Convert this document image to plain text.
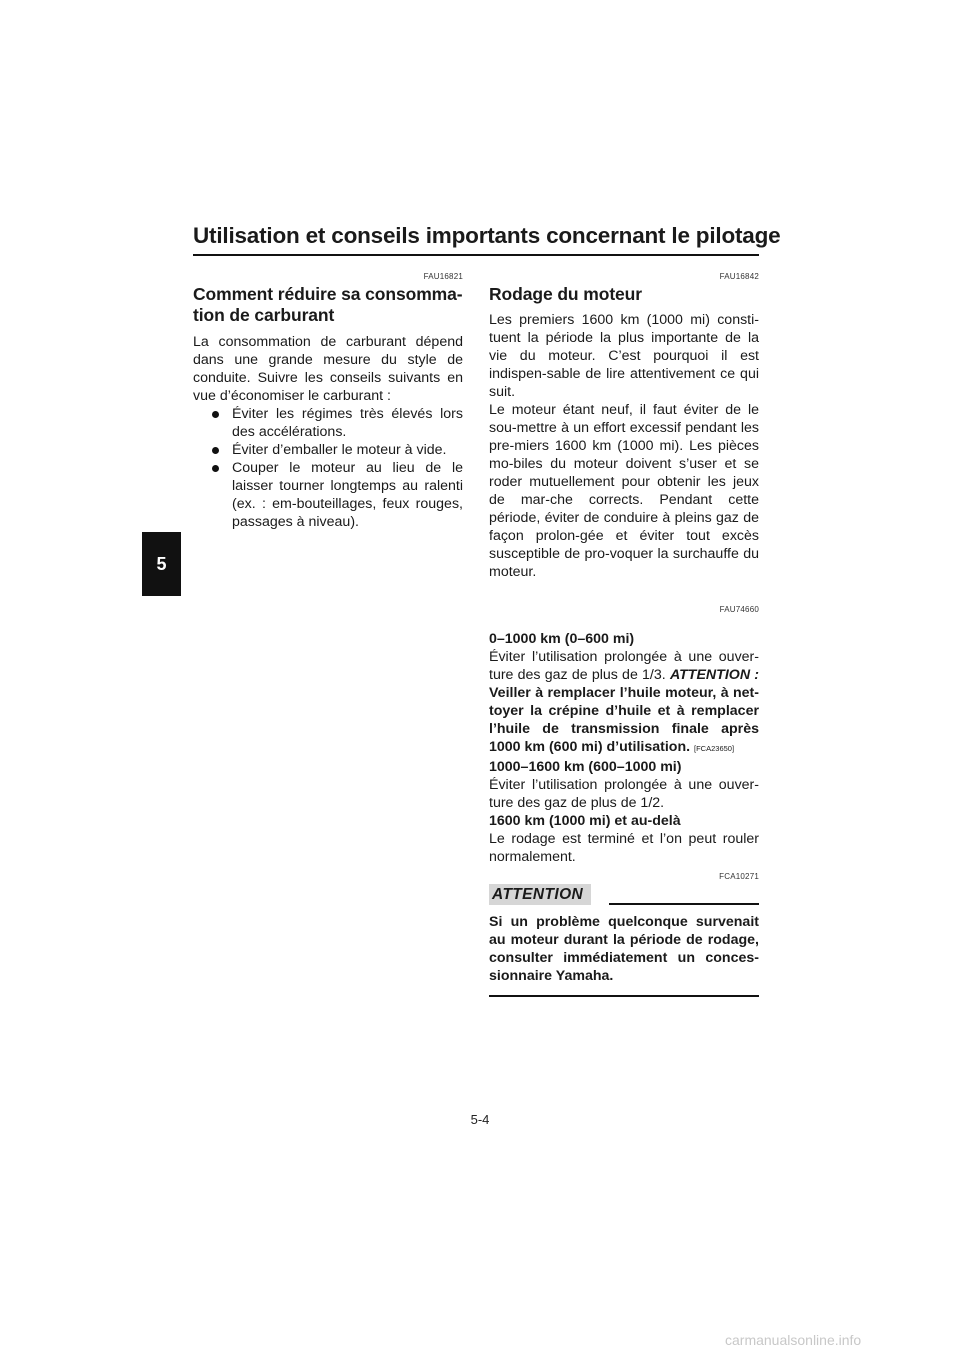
Utilisation et conseils importants concernant le pilotage
5
FAU16821
Comment réduire sa consomma-tion de carburant

La consommation de carburant dépend dans une grande mesure du style de conduite. Suivre les conseils suivants en vue d’économiser le carburant :

Éviter les régimes très élevés lors des accélérations.
Éviter d’emballer le moteur à vide.
Couper le moteur au lieu de le laisser tourner longtemps au ralenti (ex. : em-bouteillages, feux rouges, passages à niveau).
FAU16842
Rodage du moteur

Les premiers 1600 km (1000 mi) consti-tuent la période la plus importante de la vie du moteur. C’est pourquoi il est indispen-sable de lire attentivement ce qui suit.

Le moteur étant neuf, il faut éviter de le sou-mettre à un effort excessif pendant les pre-miers 1600 km (1000 mi). Les pièces mo-biles du moteur doivent s’user et se roder mutuellement pour obtenir les jeux de mar-che corrects. Pendant cette période, éviter de conduire à pleins gaz de façon prolon-gée et éviter tout excès susceptible de pro-voquer la surchauffe du moteur.

FAU74660

0–1000 km (0–600 mi)

Éviter l’utilisation prolongée à une ouver-ture des gaz de plus de 1/3. ATTENTION : Veiller à remplacer l’huile moteur, à net-toyer la crépine d’huile et à remplacer l’huile de transmission finale après 1000 km (600 mi) d’utilisation. [FCA23650]

1000–1600 km (600–1000 mi)

Éviter l’utilisation prolongée à une ouver-ture des gaz de plus de 1/2.

1600 km (1000 mi) et au-delà

Le rodage est terminé et l’on peut rouler normalement.

FCA10271
ATTENTION

Si un problème quelconque survenait au moteur durant la période de rodage, consulter immédiatement un conces-sionnaire Yamaha.

5-4
carmanualsonline.info
